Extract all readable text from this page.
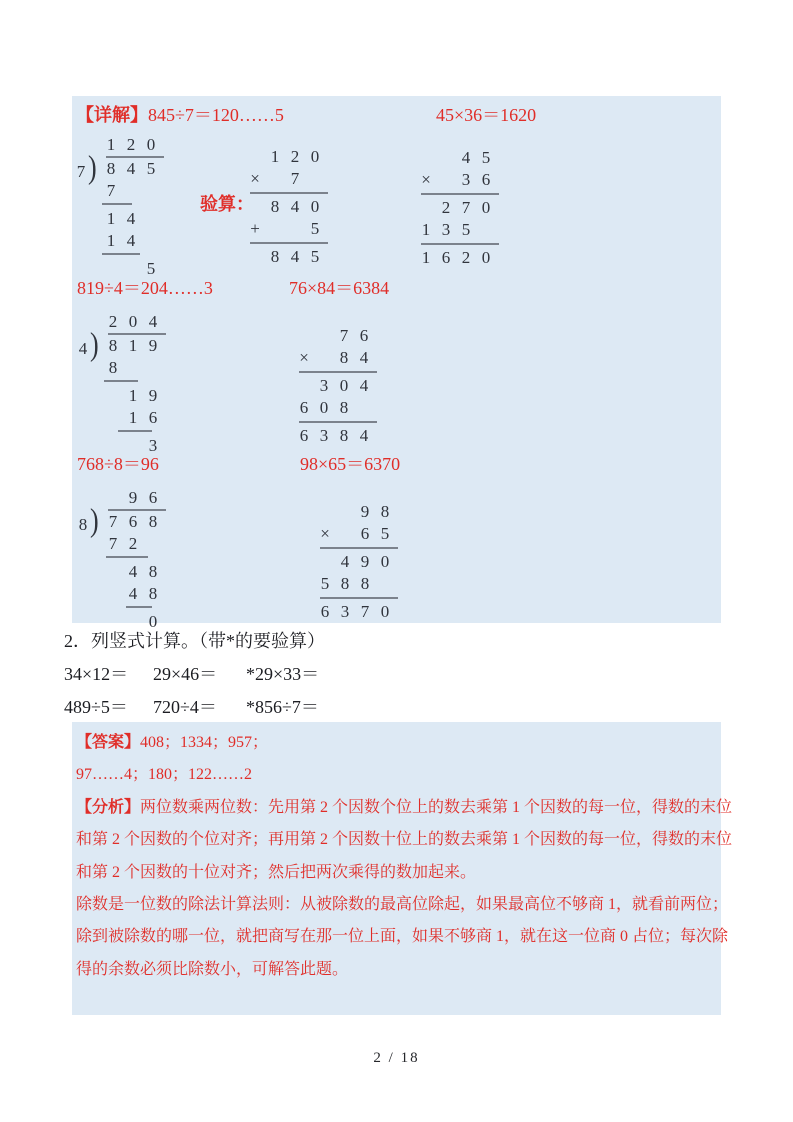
【详解】845÷7＝120……5	45×36＝1620
819÷4＝204……3	76×84＝6384
768÷8＝96	98×65＝6370
验算：
1 2 0
8 4 5
7 )
7
1 4
1 4
5
2 0 4
8 1 9
4 )
8
1 9
1 6
3
9 6
7 6 8
8 )
7 2
4 8
4 8
0
1 2 0
× 7
8 4 0
+	5
8 4 5
4 5
× 3 6
2 7 0
1 3 5
1 6 2 0
7 6
× 8 4
3 0 4
6 0 8
6 3 8 4
9 8
× 6 5
4 9 0
5 8 8
6 3 7 0
2．列竖式计算。（带*的要验算）
34×12＝ 29×46＝ *29×33＝
489÷5＝ 720÷4＝ *856÷7＝
【答案】408；1334；957；
97……4；180；122……2
【分析】两位数乘两位数：先用第 2 个因数个位上的数去乘第 1 个因数的每一位，得数的末位
和第 2 个因数的个位对齐；再用第 2 个因数十位上的数去乘第 1 个因数的每一位，得数的末位
和第 2 个因数的十位对齐；然后把两次乘得的数加起来。
除数是一位数的除法计算法则：从被除数的最高位除起，如果最高位不够商 1，就看前两位；
除到被除数的哪一位，就把商写在那一位上面，如果不够商 1，就在这一位商 0 占位；每次除
得的余数必须比除数小，可解答此题。
2 / 18
